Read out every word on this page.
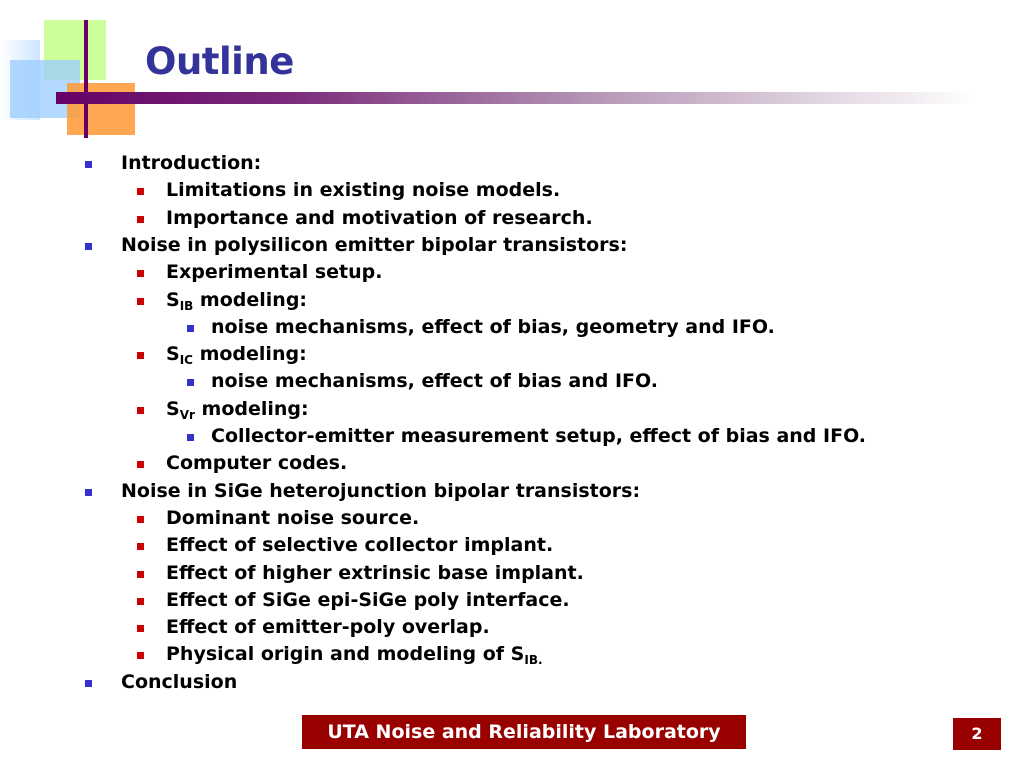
Outline
Introduction:
Limitations in existing noise models.
Importance and motivation of research.
Noise in polysilicon emitter bipolar transistors:
Experimental setup.
$S_{IB}$ modeling:
noise mechanisms, effect of bias, geometry and IFO.
$S_{IC}$ modeling:
noise mechanisms, effect of bias and IFO.
$S_{Vr}$ modeling:
Collector-emitter measurement setup, effect of bias and IFO.
Computer codes.
Noise in SiGe heterojunction bipolar transistors:
Dominant noise source.
Effect of selective collector implant.
Effect of higher extrinsic base implant.
Effect of SiGe epi-SiGe poly interface.
Effect of emitter-poly overlap.
Physical origin and modeling of $S_{IB.}$
Conclusion
UTA Noise and Reliability Laboratory	2
